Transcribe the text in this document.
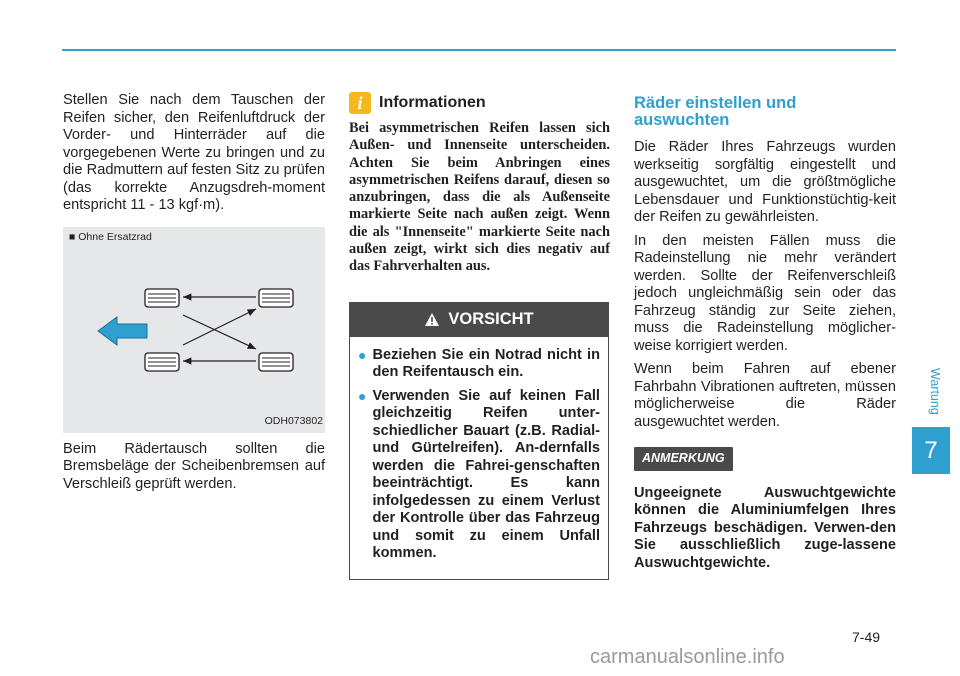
Stellen Sie nach dem Tauschen der Reifen sicher, den Reifenluftdruck der Vorder- und Hinterräder auf die vorgegebenen Werte zu bringen und zu die Radmuttern auf festen Sitz zu prüfen (das korrekte Anzugsdreh-moment entspricht 11 - 13 kgf·m).

■ Ohne Ersatzrad
ODH073802

Beim Rädertausch sollten die Bremsbeläge der Scheibenbremsen auf Verschleiß geprüft werden.

i	Informationen

Bei asymmetrischen Reifen lassen sich Außen- und Innenseite unterscheiden. Achten Sie beim Anbringen eines asymmetrischen Reifens darauf, diesen so anzubringen, dass die als Außenseite markierte Seite nach außen zeigt. Wenn die als "Innenseite" markierte Seite nach außen zeigt, wirkt sich dies negativ auf das Fahrverhalten aus.

VORSICHT
● Beziehen Sie ein Notrad nicht in den Reifentausch ein.
● Verwenden Sie auf keinen Fall gleichzeitig Reifen unter-schiedlicher Bauart (z.B. Radial- und Gürtelreifen). An-dernfalls werden die Fahrei-genschaften beeinträchtigt. Es kann infolgedessen zu einem Verlust der Kontrolle über das Fahrzeug und somit zu einem Unfall kommen.
Räder einstellen und auswuchten

Die Räder Ihres Fahrzeugs wurden werkseitig sorgfältig eingestellt und ausgewuchtet, um die größtmögliche Lebensdauer und Funktionstüchtig-keit der Reifen zu gewährleisten.

In den meisten Fällen muss die Radeinstellung nie mehr verändert werden. Sollte der Reifenverschleiß jedoch ungleichmäßig sein oder das Fahrzeug ständig zur Seite ziehen, muss die Radeinstellung möglicher-weise korrigiert werden.

Wenn beim Fahren auf ebener Fahrbahn Vibrationen auftreten, müssen möglicherweise die Räder ausgewuchtet werden.

ANMERKUNG

Ungeeignete Auswuchtgewichte können die Aluminiumfelgen Ihres Fahrzeugs beschädigen. Verwen-den Sie ausschließlich zuge-lassene Auswuchtgewichte.

Wartung
7
7-49
carmanualsonline.info
